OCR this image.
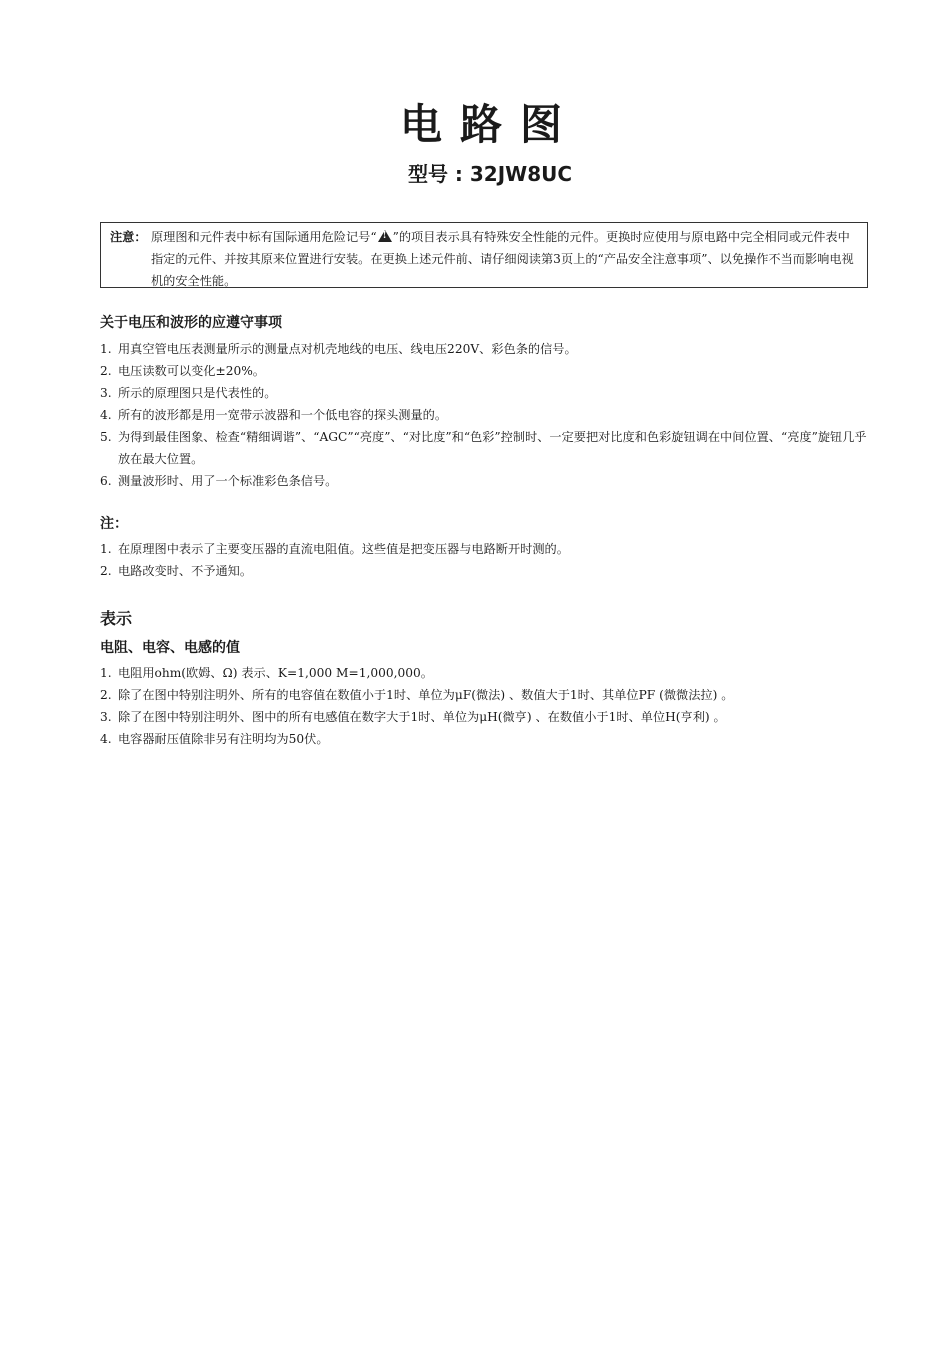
电路图
型号 : 32JW8UC
注意： 原理图和元件表中标有国际通用危险记号“! ”的项目表示具有特殊安全性能的元件。更换时应使用与原电路中完全相同或元件表中指定的元件、并按其原来位置进行安装。在更换上述元件前、请仔细阅读第3页上的“产品安全注意事项”、以免操作不当而影响电视机的安全性能。
关于电压和波形的应遵守事项
1. 用真空管电压表测量所示的测量点对机壳地线的电压、线电压220V、彩色条的信号。
2. 电压读数可以变化±20%。
3. 所示的原理图只是代表性的。
4. 所有的波形都是用一宽带示波器和一个低电容的探头测量的。
5. 为得到最佳图象、检查“精细调谐”、“AGC”“亮度”、“对比度”和“色彩”控制时、一定要把对比度和色彩旋钮调在中间位置、“亮度”旋钮几乎放在最大位置。
6. 测量波形时、用了一个标准彩色条信号。
注：
1. 在原理图中表示了主要变压器的直流电阻值。这些值是把变压器与电路断开时测的。
2. 电路改变时、不予通知。
表示
电阻、电容、电感的值
1. 电阻用ohm(欧姆、Ω) 表示、K=1,000 M=1,000,000。
2. 除了在图中特别注明外、所有的电容值在数值小于1时、单位为μF(微法) 、数值大于1时、其单位PF (微微法拉) 。
3. 除了在图中特别注明外、图中的所有电感值在数字大于1时、单位为μH(微亨) 、在数值小于1时、单位H(亨利) 。
4. 电容器耐压值除非另有注明均为50伏。
